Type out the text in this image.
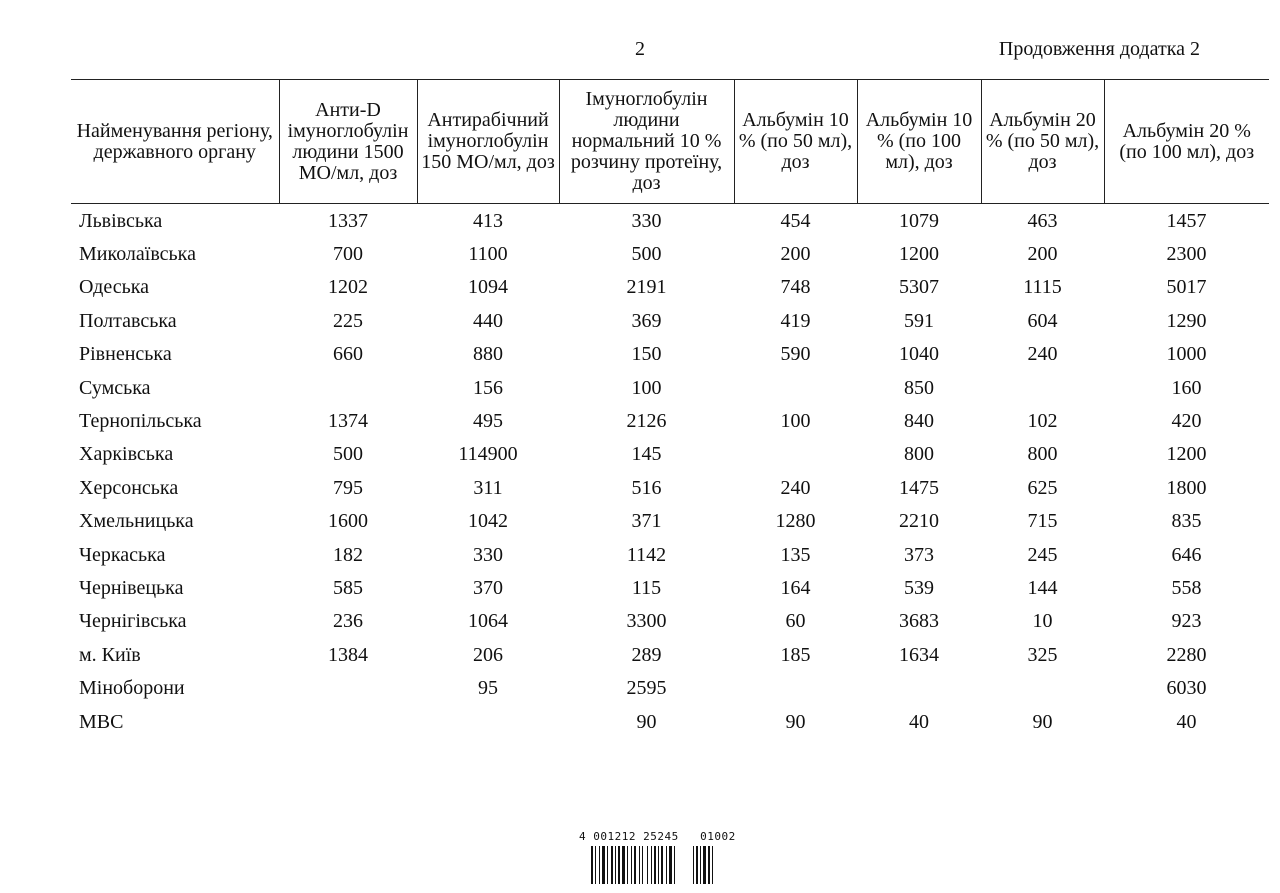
2	Продовження додатка 2
Найменування регіону, державного органу	Анти-D імуноглобулін людини 1500 МО/мл, доз	Антирабічний імуноглобулін 150 МО/мл, доз	Імуноглобулін людини нормальний 10 % розчину протеїну, доз	Альбумін 10 % (по 50 мл), доз	Альбумін 10 % (по 100 мл), доз	Альбумін 20 % (по 50 мл), доз	Альбумін 20 % (по 100 мл), доз
Львівська	1337	413	330	454	1079	463	1457
Миколаївська	700	1100	500	200	1200	200	2300
Одеська	1202	1094	2191	748	5307	1115	5017
Полтавська	225	440	369	419	591	604	1290
Рівненська	660	880	150	590	1040	240	1000
Сумська		156	100		850		160
Тернопільська	1374	495	2126	100	840	102	420
Харківська	500	114900	145		800	800	1200
Херсонська	795	311	516	240	1475	625	1800
Хмельницька	1600	1042	371	1280	2210	715	835
Черкаська	182	330	1142	135	373	245	646
Чернівецька	585	370	115	164	539	144	558
Чернігівська	236	1064	3300	60	3683	10	923
м. Київ	1384	206	289	185	1634	325	2280
Міноборони		95	2595				6030
МВС			90	90	40	90	40
4 001212 25245   01002
